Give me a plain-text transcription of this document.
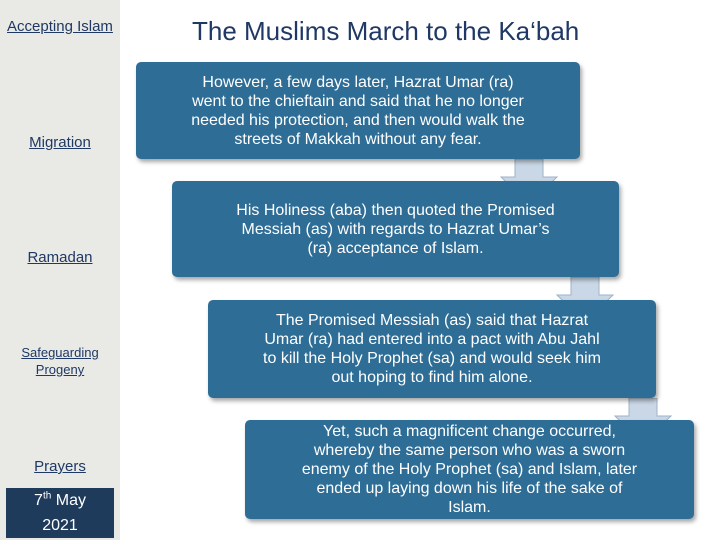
Accepting Islam
Migration
Ramadan
Safeguarding Progeny
Prayers
7th May
2021
The Muslims March to the Ka‘bah
However, a few days later, Hazrat Umar (ra) went to the chieftain and said that he no longer needed his protection, and then would walk the streets of Makkah without any fear.
His Holiness (aba) then quoted the Promised Messiah (as) with regards to Hazrat Umar’s (ra) acceptance of Islam.
The Promised Messiah (as) said that Hazrat Umar (ra) had entered into a pact with Abu Jahl to kill the Holy Prophet (sa) and would seek him out hoping to find him alone.
Yet, such a magnificent change occurred, whereby the same person who was a sworn enemy of the Holy Prophet (sa) and Islam, later ended up laying down his life of the sake of Islam.
